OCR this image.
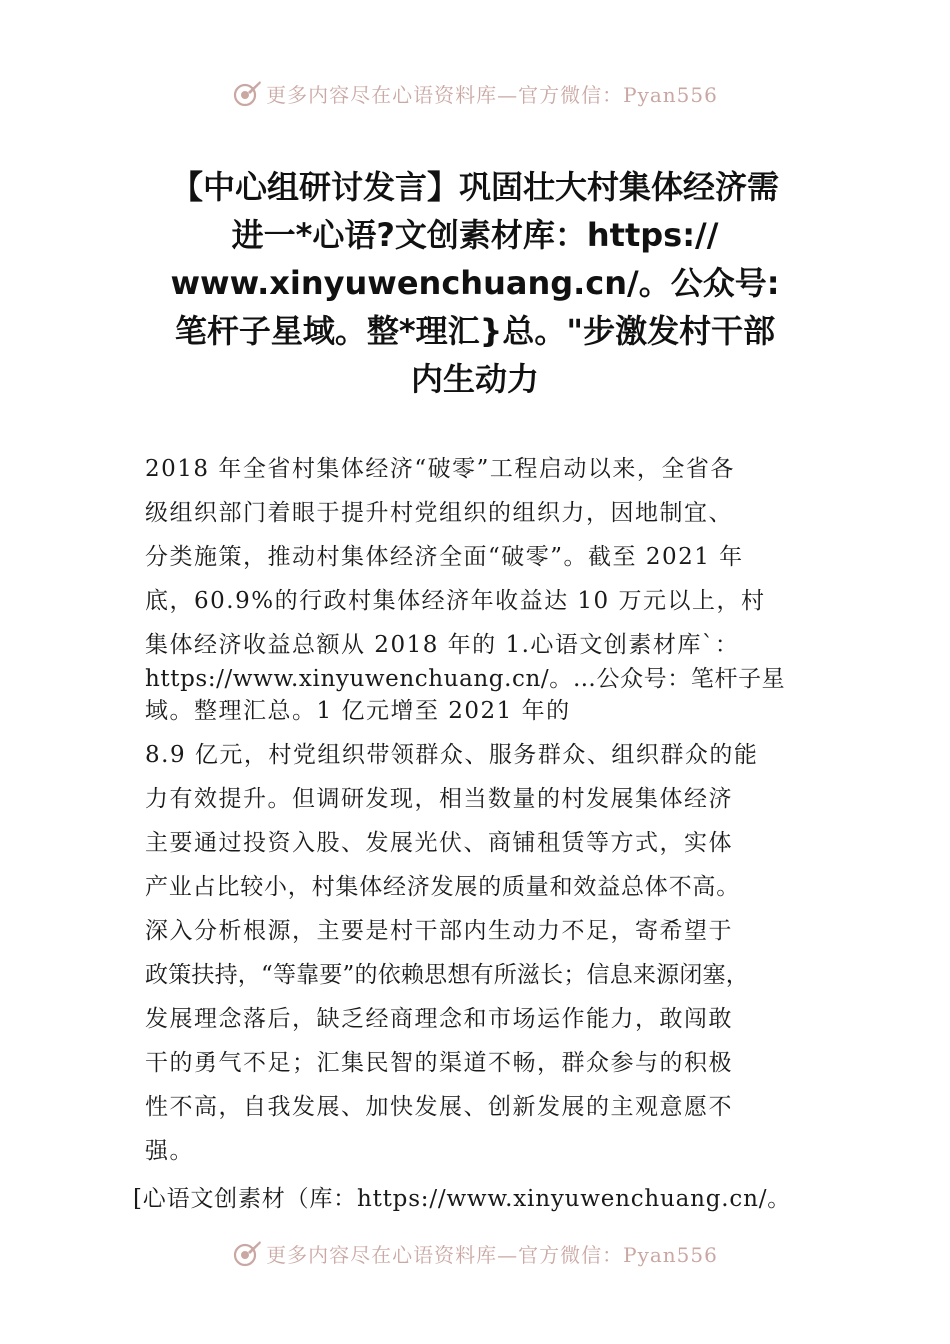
更多内容尽在心语资料库—官方微信：Pyan556
【中心组研讨发言】巩固壮大村集体经济需
进一*心语?文创素材库：https://
www.xinyuwenchuang.cn/。公众号:
笔杆子星域。整*理汇}总。"步激发村干部
内生动力
2018 年全省村集体经济“破零”工程启动以来，全省各
级组织部门着眼于提升村党组织的组织力，因地制宜、
分类施策，推动村集体经济全面“破零”。截至 2021 年
底，60.9%的行政村集体经济年收益达 10 万元以上，村
集体经济收益总额从 2018 年的 1.心语文创素材库`：
https://www.xinyuwenchuang.cn/。…公众号：笔杆子星
域。整理汇总。1 亿元增至 2021 年的
8.9 亿元，村党组织带领群众、服务群众、组织群众的能
力有效提升。但调研发现，相当数量的村发展集体经济
主要通过投资入股、发展光伏、商铺租赁等方式，实体
产业占比较小，村集体经济发展的质量和效益总体不高。
深入分析根源，主要是村干部内生动力不足，寄希望于
政策扶持，“等靠要”的依赖思想有所滋长；信息来源闭塞，
发展理念落后，缺乏经商理念和市场运作能力，敢闯敢
干的勇气不足；汇集民智的渠道不畅，群众参与的积极
性不高，自我发展、加快发展、创新发展的主观意愿不
强。
[心语文创素材（库：https://www.xinyuwenchuang.cn/。
更多内容尽在心语资料库—官方微信：Pyan556
